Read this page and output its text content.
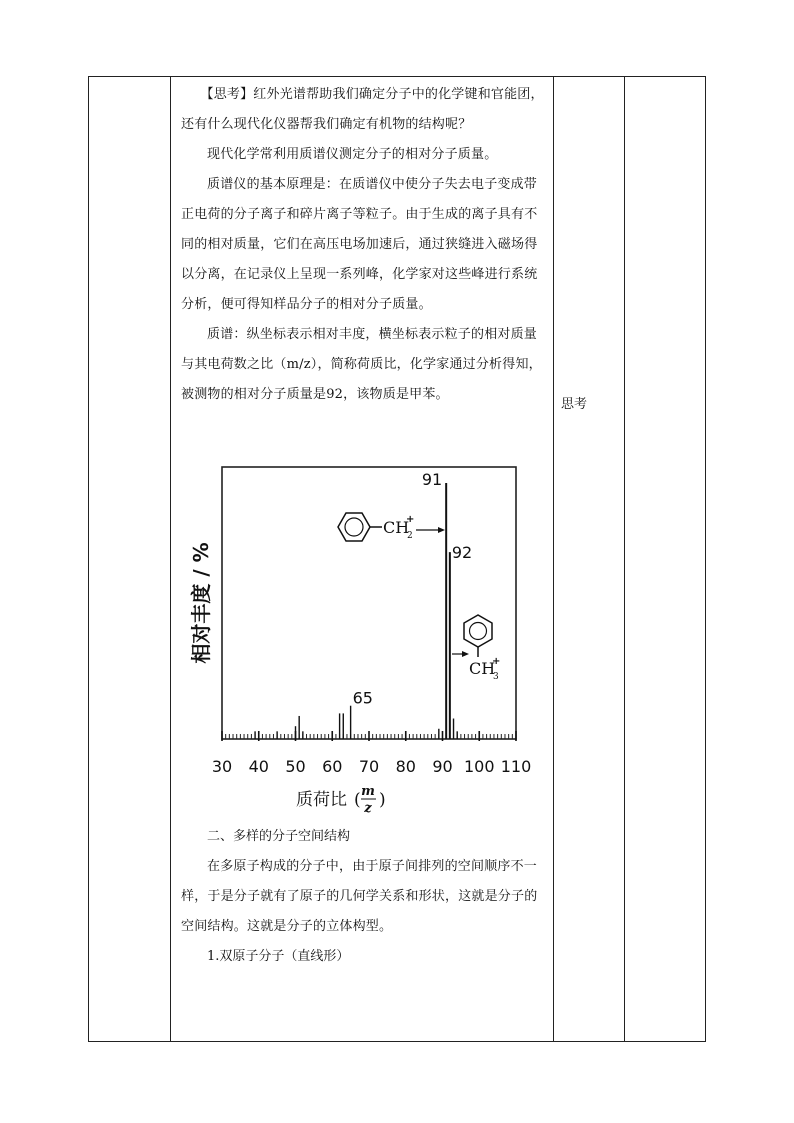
【思考】红外光谱帮助我们确定分子中的化学键和官能团，还有什么现代化仪器帮我们确定有机物的结构呢？

现代化学常利用质谱仪测定分子的相对分子质量。

质谱仪的基本原理是：在质谱仪中使分子失去电子变成带正电荷的分子离子和碎片离子等粒子。由于生成的离子具有不同的相对质量，它们在高压电场加速后，通过狭缝进入磁场得以分离，在记录仪上呈现一系列峰，化学家对这些峰进行系统分析，便可得知样品分子的相对分子质量。

质谱：纵坐标表示相对丰度，横坐标表示粒子的相对质量与其电荷数之比（m/z），简称荷质比，化学家通过分析得知，被测物的相对分子质量是92，该物质是甲苯。

思考

二、多样的分子空间结构

在多原子构成的分子中，由于原子间排列的空间顺序不一样，于是分子就有了原子的几何学关系和形状，这就是分子的空间结构。这就是分子的立体构型。

1.双原子分子（直线形）

30 40 50 60 70 80 90 100 110
91
92
65
相对丰度 / %
质荷比 ( m
z )
CH
2
+
CH
3
+
